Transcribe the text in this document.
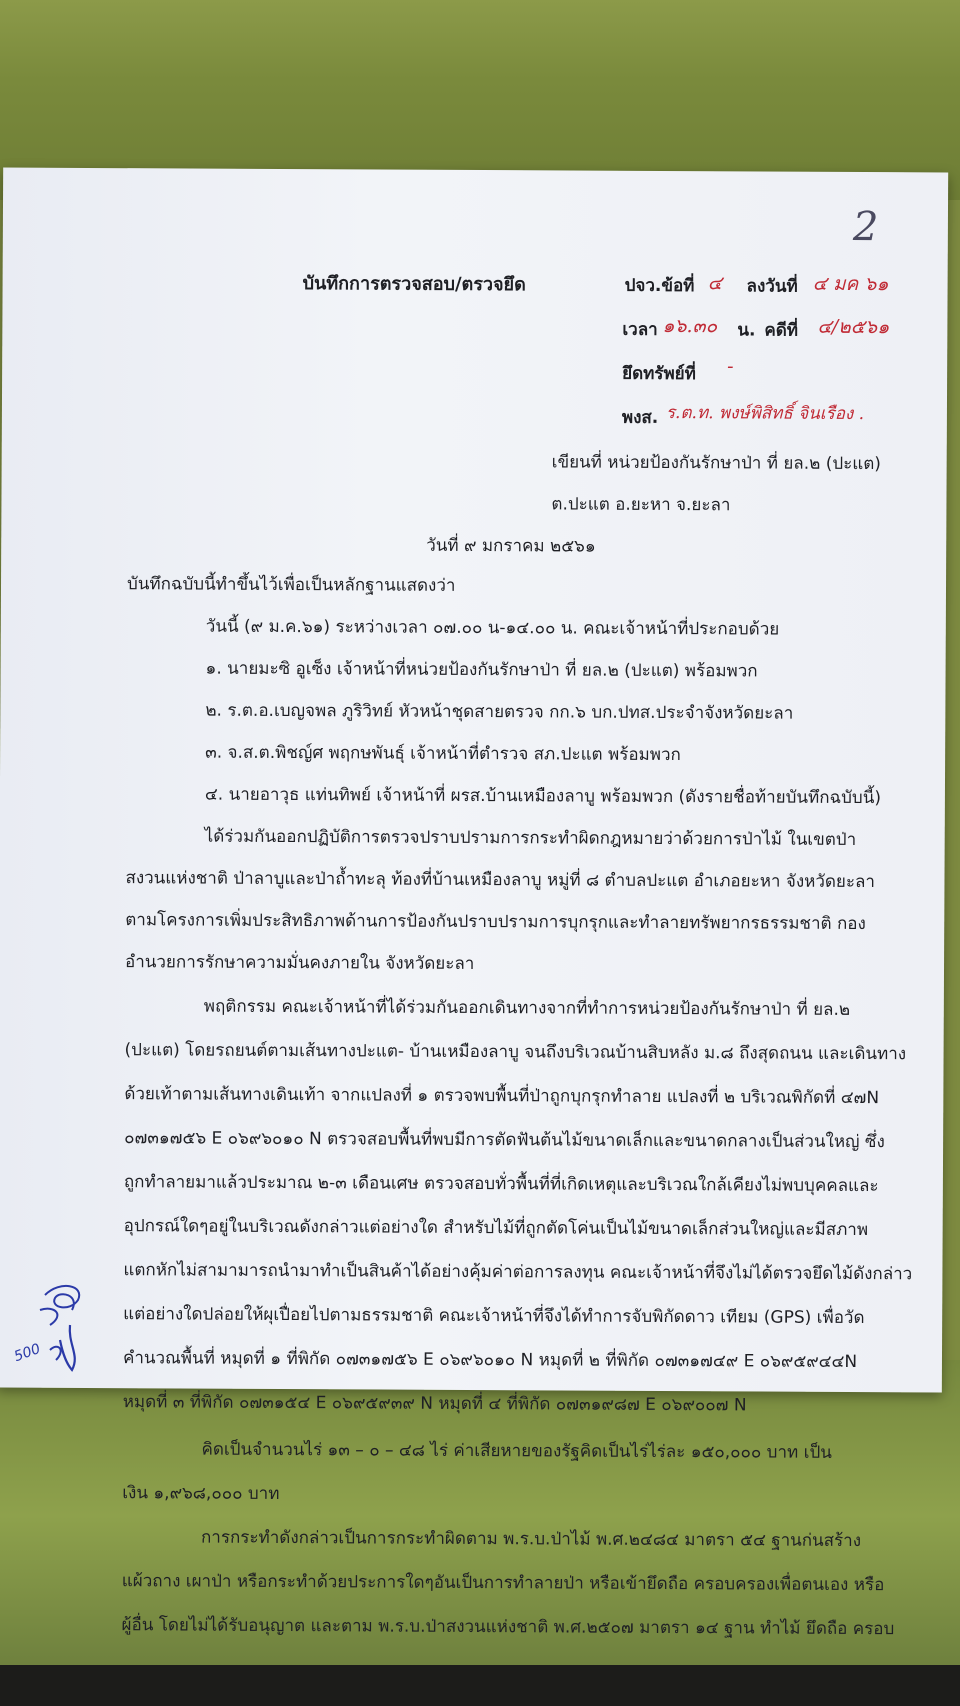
2
บันทึกการตรวจสอบ/ตรวจยึด	ปจว.ข้อที่ ๔ ลงวันที่ ๔ มค ๖๑
เวลา ๑๖.๓๐ น. คดีที่ ๔/๒๕๖๑
ยึดทรัพย์ที่ -
พงส. ร.ต.ท. พงษ์พิสิทธิ์ จินเรือง .
เขียนที่ หน่วยป้องกันรักษาป่า ที่ ยล.๒ (ปะแต)
ต.ปะแต อ.ยะหา จ.ยะลา
วันที่ ๙ มกราคม ๒๕๖๑
บันทึกฉบับนี้ทำขึ้นไว้เพื่อเป็นหลักฐานแสดงว่า
วันนี้ (๙ ม.ค.๖๑) ระหว่างเวลา ๐๗.๐๐ น-๑๔.๐๐ น. คณะเจ้าหน้าที่ประกอบด้วย
๑. นายมะซิ อูเซ็ง เจ้าหน้าที่หน่วยป้องกันรักษาป่า ที่ ยล.๒ (ปะแต) พร้อมพวก
๒. ร.ต.อ.เบญจพล ภูริวิทย์ หัวหน้าชุดสายตรวจ กก.๖ บก.ปทส.ประจำจังหวัดยะลา
๓. จ.ส.ต.พิชญ์ศ พฤกษพันธุ์ เจ้าหน้าที่ตำรวจ สภ.ปะแต พร้อมพวก
๔. นายอาวุธ แท่นทิพย์ เจ้าหน้าที่ ผรส.บ้านเหมืองลาบู พร้อมพวก (ดังรายชื่อท้ายบันทึกฉบับนี้)
ได้ร่วมกันออกปฏิบัติการตรวจปราบปรามการกระทำผิดกฎหมายว่าด้วยการป่าไม้ ในเขตป่า
สงวนแห่งชาติ ป่าลาบูและป่าถ้ำทะลุ ท้องที่บ้านเหมืองลาบู หมู่ที่ ๘ ตำบลปะแต อำเภอยะหา จังหวัดยะลา
ตามโครงการเพิ่มประสิทธิภาพด้านการป้องกันปราบปรามการบุกรุกและทำลายทรัพยากรธรรมชาติ กอง
อำนวยการรักษาความมั่นคงภายใน จังหวัดยะลา
พฤติกรรม คณะเจ้าหน้าที่ได้ร่วมกันออกเดินทางจากที่ทำการหน่วยป้องกันรักษาป่า ที่ ยล.๒
(ปะแต) โดยรถยนต์ตามเส้นทางปะแต- บ้านเหมืองลาบู จนถึงบริเวณบ้านสิบหลัง ม.๘ ถึงสุดถนน และเดินทาง
ด้วยเท้าตามเส้นทางเดินเท้า จากแปลงที่ ๑ ตรวจพบพื้นที่ป่าถูกบุกรุกทำลาย แปลงที่ ๒ บริเวณพิกัดที่ ๔๗N
๐๗๓๑๗๕๖ E ๐๖๙๖๐๑๐ N ตรวจสอบพื้นที่พบมีการตัดฟันต้นไม้ขนาดเล็กและขนาดกลางเป็นส่วนใหญ่ ซึ่ง
ถูกทำลายมาแล้วประมาณ ๒-๓ เดือนเศษ ตรวจสอบทั่วพื้นที่ที่เกิดเหตุและบริเวณใกล้เคียงไม่พบบุคคลและ
อุปกรณ์ใดๆอยู่ในบริเวณดังกล่าวแต่อย่างใด สำหรับไม้ที่ถูกตัดโค่นเป็นไม้ขนาดเล็กส่วนใหญ่และมีสภาพ
แตกหักไม่สามามารถนำมาทำเป็นสินค้าได้อย่างคุ้มค่าต่อการลงทุน คณะเจ้าหน้าที่จึงไม่ได้ตรวจยึดไม้ดังกล่าว
แต่อย่างใดปล่อยให้ผุเปื่อยไปตามธรรมชาติ คณะเจ้าหน้าที่จึงได้ทำการจับพิกัดดาว เทียม (GPS) เพื่อวัด
คำนวณพื้นที่ หมุดที่ ๑ ที่พิกัด ๐๗๓๑๗๕๖ E ๐๖๙๖๐๑๐ N หมุดที่ ๒ ที่พิกัด ๐๗๓๑๗๔๙ E ๐๖๙๕๙๔๔N
หมุดที่ ๓ ที่พิกัด ๐๗๓๑๕๔ E ๐๖๙๕๙๓๙ N หมุดที่ ๔ ที่พิกัด ๐๗๓๑๙๘๗ E ๐๖๙๐๐๗ N
คิดเป็นจำนวนไร่ ๑๓ – ๐ – ๔๘ ไร่ ค่าเสียหายของรัฐคิดเป็นไร่ไร่ละ ๑๕๐,๐๐๐ บาท เป็น
เงิน ๑,๙๖๘,๐๐๐ บาท
การกระทำดังกล่าวเป็นการกระทำผิดตาม พ.ร.บ.ป่าไม้ พ.ศ.๒๔๘๔ มาตรา ๕๔ ฐานก่นสร้าง
แผ้วถาง เผาป่า หรือกระทำด้วยประการใดๆอันเป็นการทำลายป่า หรือเข้ายึดถือ ครอบครองเพื่อตนเอง หรือ
ผู้อื่น โดยไม่ได้รับอนุญาต และตาม พ.ร.บ.ป่าสงวนแห่งชาติ พ.ศ.๒๕๐๗ มาตรา ๑๔ ฐาน ทำไม้ ยึดถือ ครอบ
500
